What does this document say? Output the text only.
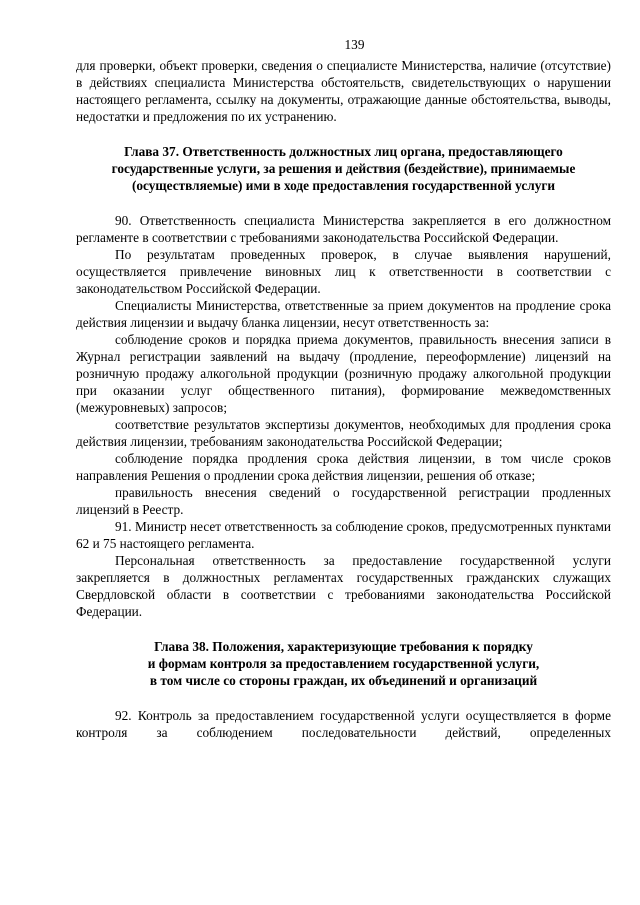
139

для проверки, объект проверки, сведения о специалисте Министерства, наличие (отсутствие) в действиях специалиста Министерства обстоятельств, свидетельствующих о нарушении настоящего регламента, ссылку на документы, отражающие данные обстоятельства, выводы, недостатки и предложения по их устранению.

Глава 37. Ответственность должностных лиц органа, предоставляющего
государственные услуги, за решения и действия (бездействие), принимаемые
(осуществляемые) ими в ходе предоставления государственной услуги

90. Ответственность специалиста Министерства закрепляется в его должностном регламенте в соответствии с требованиями законодательства Российской Федерации.

По результатам проведенных проверок, в случае выявления нарушений, осуществляется привлечение виновных лиц к ответственности в соответствии с законодательством Российской Федерации.

Специалисты Министерства, ответственные за прием документов на продление срока действия лицензии и выдачу бланка лицензии, несут ответственность за:

соблюдение сроков и порядка приема документов, правильность внесения записи в Журнал регистрации заявлений на выдачу (продление, переоформление) лицензий на розничную продажу алкогольной продукции (розничную продажу алкогольной продукции при оказании услуг общественного питания), формирование межведомственных (межуровневых) запросов;

соответствие результатов экспертизы документов, необходимых для продления срока действия лицензии, требованиям законодательства Российской Федерации;

соблюдение порядка продления срока действия лицензии, в том числе сроков направления Решения о продлении срока действия лицензии, решения об отказе;

правильность внесения сведений о государственной регистрации продленных лицензий в Реестр.

91. Министр несет ответственность за соблюдение сроков, предусмотренных пунктами 62 и 75 настоящего регламента.

Персональная ответственность за предоставление государственной услуги закрепляется в должностных регламентах государственных гражданских служащих Свердловской области в соответствии с требованиями законодательства Российской Федерации.

Глава 38. Положения, характеризующие требования к порядку
и формам контроля за предоставлением государственной услуги,
в том числе со стороны граждан, их объединений и организаций

92. Контроль за предоставлением государственной услуги осуществляется в форме контроля за соблюдением последовательности действий, определенных
